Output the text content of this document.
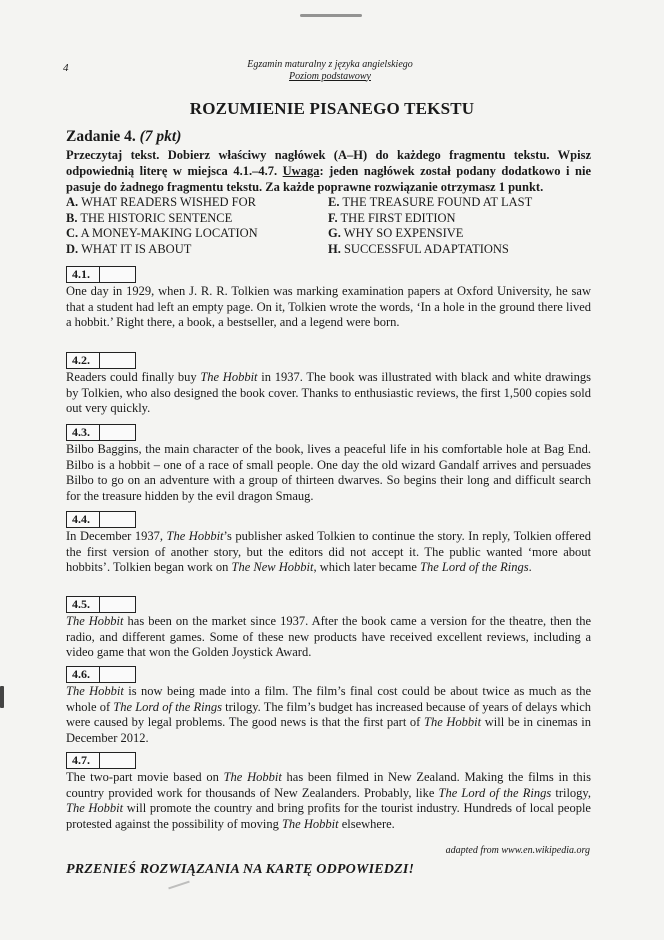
4	Egzamin maturalny z języka angielskiego
Poziom podstawowy
ROZUMIENIE PISANEGO TEKSTU
Zadanie 4. (7 pkt)
Przeczytaj tekst. Dobierz właściwy nagłówek (A–H) do każdego fragmentu tekstu. Wpisz odpowiednią literę w miejsca 4.1.–4.7. Uwaga: jeden nagłówek został podany dodatkowo i nie pasuje do żadnego fragmentu tekstu. Za każde poprawne rozwiązanie otrzymasz 1 punkt.
A. WHAT READERS WISHED FOR	E. THE TREASURE FOUND AT LAST
B. THE HISTORIC SENTENCE	F. THE FIRST EDITION
C. A MONEY-MAKING LOCATION	G. WHY SO EXPENSIVE
D. WHAT IT IS ABOUT	H. SUCCESSFUL ADAPTATIONS
4.1.

One day in 1929, when J. R. R. Tolkien was marking examination papers at Oxford University, he saw that a student had left an empty page. On it, Tolkien wrote the words, ‘In a hole in the ground there lived a hobbit.’ Right there, a book, a bestseller, and a legend were born.

4.2.

Readers could finally buy The Hobbit in 1937. The book was illustrated with black and white drawings by Tolkien, who also designed the book cover. Thanks to enthusiastic reviews, the first 1,500 copies sold out very quickly.

4.3.

Bilbo Baggins, the main character of the book, lives a peaceful life in his comfortable hole at Bag End. Bilbo is a hobbit – one of a race of small people. One day the old wizard Gandalf arrives and persuades Bilbo to go on an adventure with a group of thirteen dwarves. So begins their long and difficult search for the treasure hidden by the evil dragon Smaug.

4.4.

In December 1937, The Hobbit’s publisher asked Tolkien to continue the story. In reply, Tolkien offered the first version of another story, but the editors did not accept it. The public wanted ‘more about hobbits’. Tolkien began work on The New Hobbit, which later became The Lord of the Rings.

4.5.

The Hobbit has been on the market since 1937. After the book came a version for the theatre, then the radio, and different games. Some of these new products have received excellent reviews, including a video game that won the Golden Joystick Award.

4.6.

The Hobbit is now being made into a film. The film’s final cost could be about twice as much as the whole of The Lord of the Rings trilogy. The film’s budget has increased because of years of delays which were caused by legal problems. The good news is that the first part of The Hobbit will be in cinemas in December 2012.

4.7.

The two-part movie based on The Hobbit has been filmed in New Zealand. Making the films in this country provided work for thousands of New Zealanders. Probably, like The Lord of the Rings trilogy, The Hobbit will promote the country and bring profits for the tourist industry. Hundreds of local people protested against the possibility of moving The Hobbit elsewhere.

adapted from www.en.wikipedia.org
PRZENIEŚ ROZWIĄZANIA NA KARTĘ ODPOWIEDZI!
